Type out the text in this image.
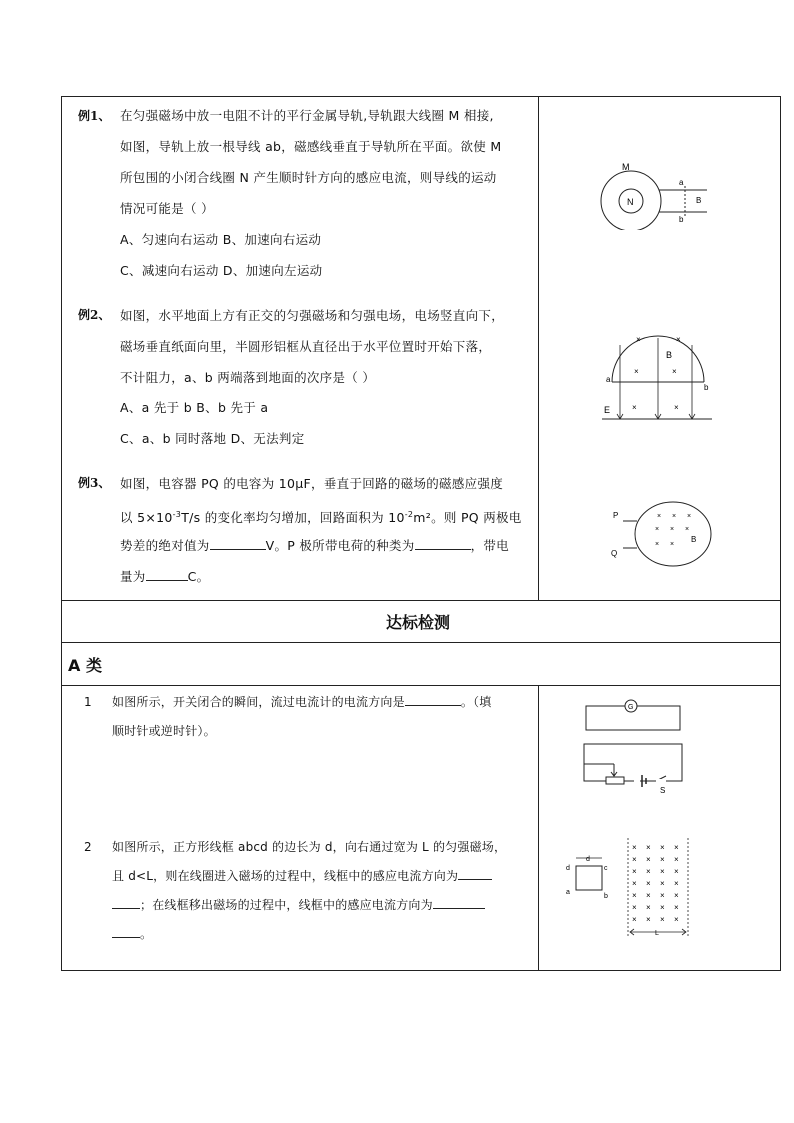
例1、 在匀强磁场中放一电阻不计的平行金属导轨,导轨跟大线圈 M 相接,
如图，导轨上放一根导线 ab，磁感线垂直于导轨所在平面。欲使 M
所包围的小闭合线圈 N 产生顺时针方向的感应电流，则导线的运动
情况可能是（ ）
A、匀速向右运动 B、加速向右运动
C、减速向右运动 D、加速向左运动
N
M
a
b
B
例2、 如图，水平地面上方有正交的匀强磁场和匀强电场，电场竖直向下，
磁场垂直纸面向里，半圆形铝框从直径出于水平位置时开始下落，
不计阻力，a、b 两端落到地面的次序是（ ）
A、a 先于 b B、b 先于 a
C、a、b 同时落地 D、无法判定
×	×
×	×
×	×
B
a
b
E
例3、 如图，电容器 PQ 的电容为 10μF，垂直于回路的磁场的磁感应强度
以 $5\times 10^{-3}T/s$ 的变化率均匀增加，回路面积为 $10^{-2}m^2$。则 PQ 两极电
势差的绝对值为	V。P 极所带电荷的种类为	，带电
量为	C。
P
Q
× × ×
× × ×
× ×
B
达标检测
A 类
1 如图所示，开关闭合的瞬间，流过电流计的电流方向是	。（填
顺时针或逆时针）。
G
S
2 如图所示，正方形线框 abcd 的边长为 d，向右通过宽为 L 的匀强磁场，
且 d<L，则在线圈进入磁场的过程中，线框中的感应电流方向为
；在线框移出磁场的过程中，线框中的感应电流方向为
。
d
d	c
a
b
L
× × × ×
× × × ×
× × × ×
× × × ×
× × × ×
× × × ×
× × × ×
